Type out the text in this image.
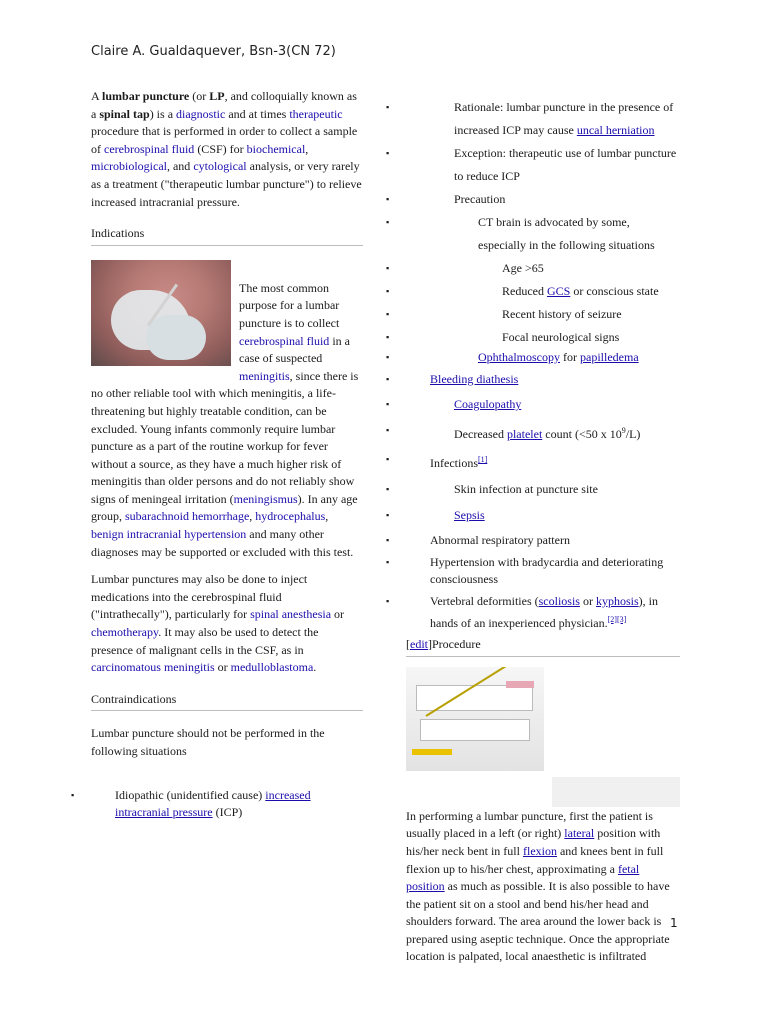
Claire A. Gualdaquever, Bsn-3(CN 72)

A lumbar puncture (or LP, and colloquially known as a spinal tap) is a diagnostic and at times therapeutic procedure that is performed in order to collect a sample of cerebrospinal fluid (CSF) for biochemical, microbiological, and cytological analysis, or very rarely as a treatment ("therapeutic lumbar puncture") to relieve increased intracranial pressure.

Indications

The most common purpose for a lumbar puncture is to collect cerebrospinal fluid in a case of suspected meningitis, since there is no other reliable tool with which meningitis, a life-threatening but highly treatable condition, can be excluded. Young infants commonly require lumbar puncture as a part of the routine workup for fever without a source, as they have a much higher risk of meningitis than older persons and do not reliably show signs of meningeal irritation (meningismus). In any age group, subarachnoid hemorrhage, hydrocephalus, benign intracranial hypertension and many other diagnoses may be supported or excluded with this test.

Lumbar punctures may also be done to inject medications into the cerebrospinal fluid ("intrathecally"), particularly for spinal anesthesia or chemotherapy. It may also be used to detect the presence of malignant cells in the CSF, as in carcinomatous meningitis or medulloblastoma.

Contraindications

Lumbar puncture should not be performed in the following situations

▪ Idiopathic (unidentified cause) increased intracranial pressure (ICP)
▪ Rationale: lumbar puncture in the presence of increased ICP may cause uncal herniation
▪ Exception: therapeutic use of lumbar puncture to reduce ICP
▪ Precaution
▪ CT brain is advocated by some, especially in the following situations
▪ Age >65
▪ Reduced GCS or conscious state
▪ Recent history of seizure
▪ Focal neurological signs
▪ Ophthalmoscopy for papilledema
▪ Bleeding diathesis
▪ Coagulopathy
▪ Decreased platelet count (<50 x $10^9/L$)
▪ Infections[1]
▪ Skin infection at puncture site
▪ Sepsis
▪ Abnormal respiratory pattern
▪ Hypertension with bradycardia and deteriorating consciousness
▪ Vertebral deformities (scoliosis or kyphosis), in hands of an inexperienced physician.[2][3]
[edit]Procedure

In performing a lumbar puncture, first the patient is usually placed in a left (or right) lateral position with his/her neck bent in full flexion and knees bent in full flexion up to his/her chest, approximating a fetal position as much as possible. It is also possible to have the patient sit on a stool and bend his/her head and shoulders forward. The area around the lower back is prepared using aseptic technique. Once the appropriate location is palpated, local anaesthetic is infiltrated

1
